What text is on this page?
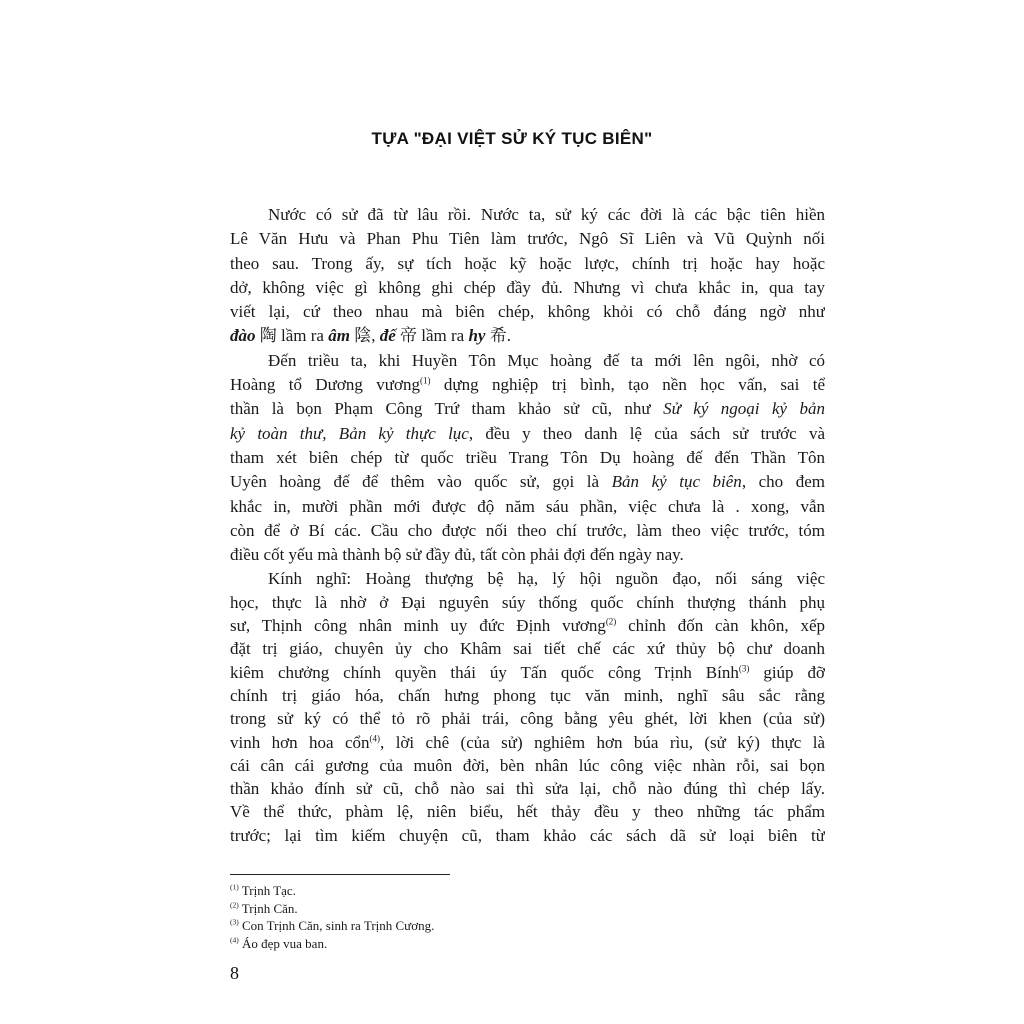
TỰA "ĐẠI VIỆT SỬ KÝ TỤC BIÊN"
Nước có sử đã từ lâu rồi. Nước ta, sử ký các đời là các bậc tiên hiền
Lê Văn Hưu và Phan Phu Tiên làm trước, Ngô Sĩ Liên và Vũ Quỳnh nối
theo sau. Trong ấy, sự tích hoặc kỹ hoặc lược, chính trị hoặc hay hoặc
dở, không việc gì không ghi chép đầy đủ. Nhưng vì chưa khắc in, qua tay
viết lại, cứ theo nhau mà biên chép, không khỏi có chỗ đáng ngờ như
đào 陶 lầm ra âm 陰, đế 帝 lầm ra hy 希.
Đến triều ta, khi Huyền Tôn Mục hoàng đế ta mới lên ngôi, nhờ có
Hoàng tổ Dương vương$^{(1)}$ dựng nghiệp trị bình, tạo nền học vấn, sai tể
thần là bọn Phạm Công Trứ tham khảo sử cũ, như Sử ký ngoại kỷ bản
kỷ toàn thư, Bản kỷ thực lục, đều y theo danh lệ của sách sử trước và
tham xét biên chép từ quốc triều Trang Tôn Dụ hoàng đế đến Thần Tôn
Uyên hoàng đế để thêm vào quốc sử, gọi là Bản kỷ tục biên, cho đem
khắc in, mười phần mới được độ năm sáu phần, việc chưa là . xong, vẫn
còn để ở Bí các. Cầu cho được nối theo chí trước, làm theo việc trước, tóm
điều cốt yếu mà thành bộ sử đầy đủ, tất còn phải đợi đến ngày nay.
Kính nghĩ: Hoàng thượng bệ hạ, lý hội nguồn đạo, nối sáng việc
học, thực là nhờ ở Đại nguyên súy thống quốc chính thượng thánh phụ
sư, Thịnh công nhân minh uy đức Định vương$^{(2)}$ chỉnh đốn càn khôn, xếp
đặt trị giáo, chuyên ủy cho Khâm sai tiết chế các xứ thủy bộ chư doanh
kiêm chưởng chính quyền thái úy Tấn quốc công Trịnh Bính$^{(3)}$ giúp đỡ
chính trị giáo hóa, chấn hưng phong tục văn minh, nghĩ sâu sắc rằng
trong sử ký có thể tỏ rõ phải trái, công bằng yêu ghét, lời khen (của sử)
vinh hơn hoa cổn$^{(4)}$, lời chê (của sử) nghiêm hơn búa rìu, (sử ký) thực là
cái cân cái gương của muôn đời, bèn nhân lúc công việc nhàn rỗi, sai bọn
thần khảo đính sử cũ, chỗ nào sai thì sửa lại, chỗ nào đúng thì chép lấy.
Về thể thức, phàm lệ, niên biểu, hết thảy đều y theo những tác phẩm
trước; lại tìm kiếm chuyện cũ, tham khảo các sách dã sử loại biên từ
$^{(1)}$ Trịnh Tạc.
$^{(2)}$ Trịnh Căn.
$^{(3)}$ Con Trịnh Căn, sinh ra Trịnh Cương.
$^{(4)}$ Áo đẹp vua ban.
8
